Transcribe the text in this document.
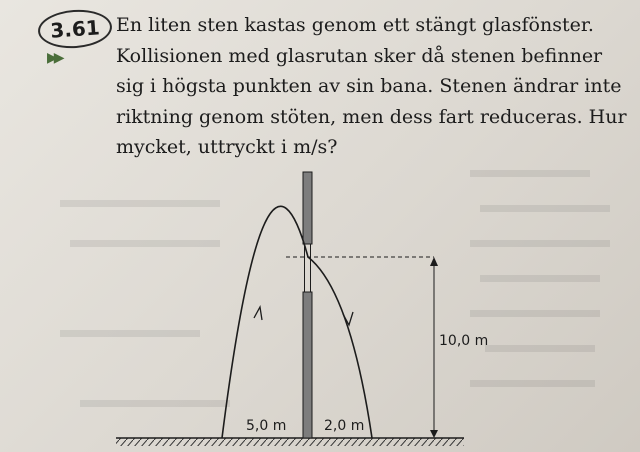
3.61
▶▶
En liten sten kastas genom ett stängt glasfönster.
Kollisionen med glasrutan sker då stenen befinner
sig i högsta punkten av sin bana. Stenen ändrar inte
riktning genom stöten, men dess fart reduceras. Hur
mycket, uttryckt i m/s?
10,0 m
5,0 m	2,0 m
